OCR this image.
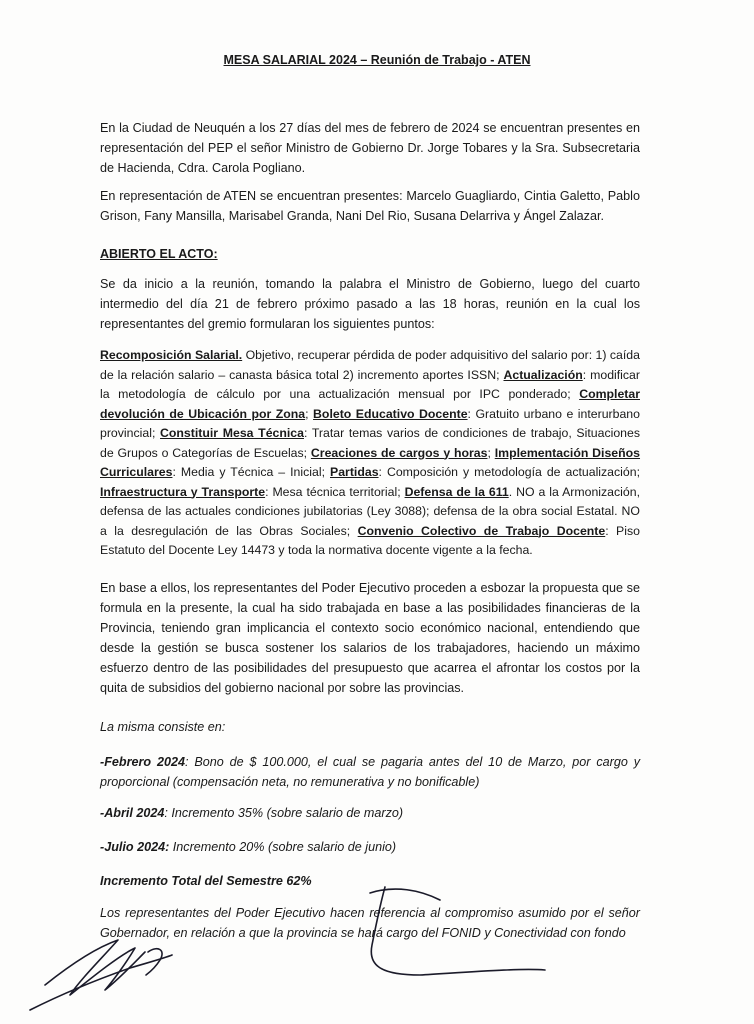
MESA SALARIAL 2024 – Reunión de Trabajo - ATEN
En la Ciudad de Neuquén a los 27 días del mes de febrero de 2024 se encuentran presentes en representación del PEP el señor Ministro de Gobierno Dr. Jorge Tobares y la Sra. Subsecretaria de Hacienda, Cdra. Carola Pogliano.
En representación de ATEN se encuentran presentes: Marcelo Guagliardo, Cintia Galetto, Pablo Grison, Fany Mansilla, Marisabel Granda, Nani Del Rio, Susana Delarriva y Ángel Zalazar.
ABIERTO EL ACTO:
Se da inicio a la reunión, tomando la palabra el Ministro de Gobierno, luego del cuarto intermedio del día 21 de febrero próximo pasado a las 18 horas, reunión en la cual los representantes del gremio formularan los siguientes puntos:
Recomposición Salarial. Objetivo, recuperar pérdida de poder adquisitivo del salario por: 1) caída de la relación salario – canasta básica total 2) incremento aportes ISSN; Actualización: modificar la metodología de cálculo por una actualización mensual por IPC ponderado; Completar devolución de Ubicación por Zona; Boleto Educativo Docente: Gratuito urbano e interurbano provincial; Constituir Mesa Técnica: Tratar temas varios de condiciones de trabajo, Situaciones de Grupos o Categorías de Escuelas; Creaciones de cargos y horas; Implementación Diseños Curriculares: Media y Técnica – Inicial; Partidas: Composición y metodología de actualización; Infraestructura y Transporte: Mesa técnica territorial; Defensa de la 611. NO a la Armonización, defensa de las actuales condiciones jubilatorias (Ley 3088); defensa de la obra social Estatal. NO a la desregulación de las Obras Sociales; Convenio Colectivo de Trabajo Docente: Piso Estatuto del Docente Ley 14473 y toda la normativa docente vigente a la fecha.
En base a ellos, los representantes del Poder Ejecutivo proceden a esbozar la propuesta que se formula en la presente, la cual ha sido trabajada en base a las posibilidades financieras de la Provincia, teniendo gran implicancia el contexto socio económico nacional, entendiendo que desde la gestión se busca sostener los salarios de los trabajadores, haciendo un máximo esfuerzo dentro de las posibilidades del presupuesto que acarrea el afrontar los costos por la quita de subsidios del gobierno nacional por sobre las provincias.
La misma consiste en:
-Febrero 2024: Bono de $ 100.000, el cual se pagaria antes del 10 de Marzo, por cargo y proporcional (compensación neta, no remunerativa y no bonificable)
-Abril 2024: Incremento 35% (sobre salario de marzo)
-Julio 2024: Incremento 20% (sobre salario de junio)
Incremento Total del Semestre 62%
Los representantes del Poder Ejecutivo hacen referencia al compromiso asumido por el señor Gobernador, en relación a que la provincia se hará cargo del FONID y Conectividad con fondo
